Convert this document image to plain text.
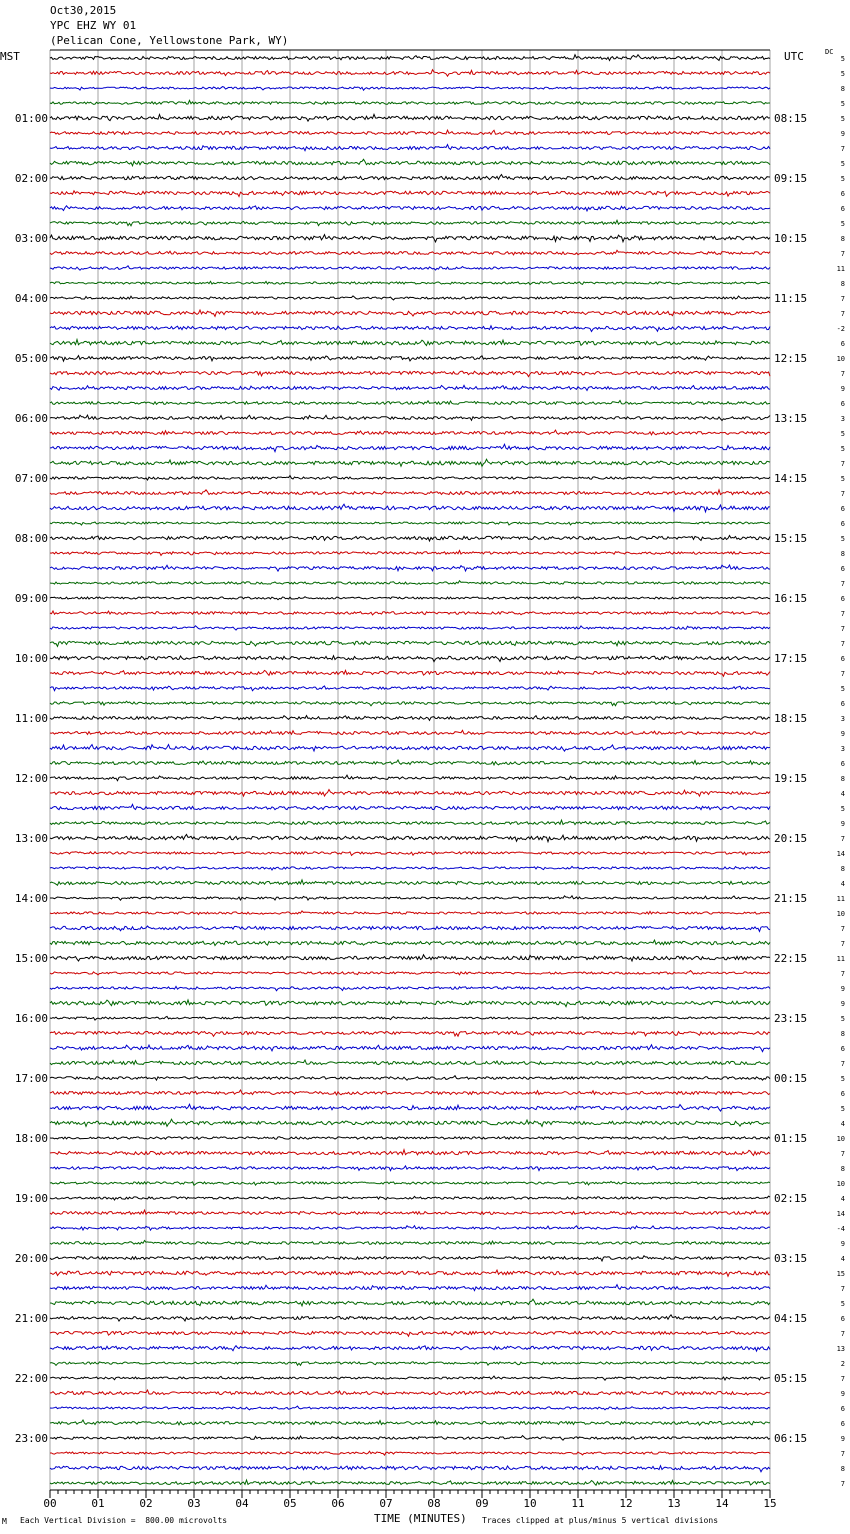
Oct30,2015
YPC EHZ WY 01
(Pelican Cone, Yellowstone Park, WY)
MST	UTC	DC
5
5
8
5
5
9
7
5
5
6
6
5
8
7
11
8
7
7
-2
6
10
7
9
6
3
5
5
7
5
7
6
6
5
8
6
7
6
7
7
7
6
7
5
6
3
9
3
6
8
4
5
9
7
14
8
4
11
10
7
7
11
7
9
9
5
8
6
7
5
6
5
4
10
7
8
10
4
14
-4
9
4
15
7
5
6
7
13
2
7
9
6
6
9
7
8
7
01:00
02:00
03:00
04:00
05:00
06:00
07:00
08:00
09:00
10:00
11:00
12:00
13:00
14:00
15:00
16:00
17:00
18:00
19:00
20:00
21:00
22:00
23:00
08:15
09:15
10:15
11:15
12:15
13:15
14:15
15:15
16:15
17:15
18:15
19:15
20:15
21:15
22:15
23:15
00:15
01:15
02:15
03:15
04:15
05:15
06:15
00	01	02	03	04	05	06	07	08	09	10	11	12	13	14	15
M Each Vertical Division =  800.00 microvolts	TIME (MINUTES) Traces clipped at plus/minus 5 vertical divisions
